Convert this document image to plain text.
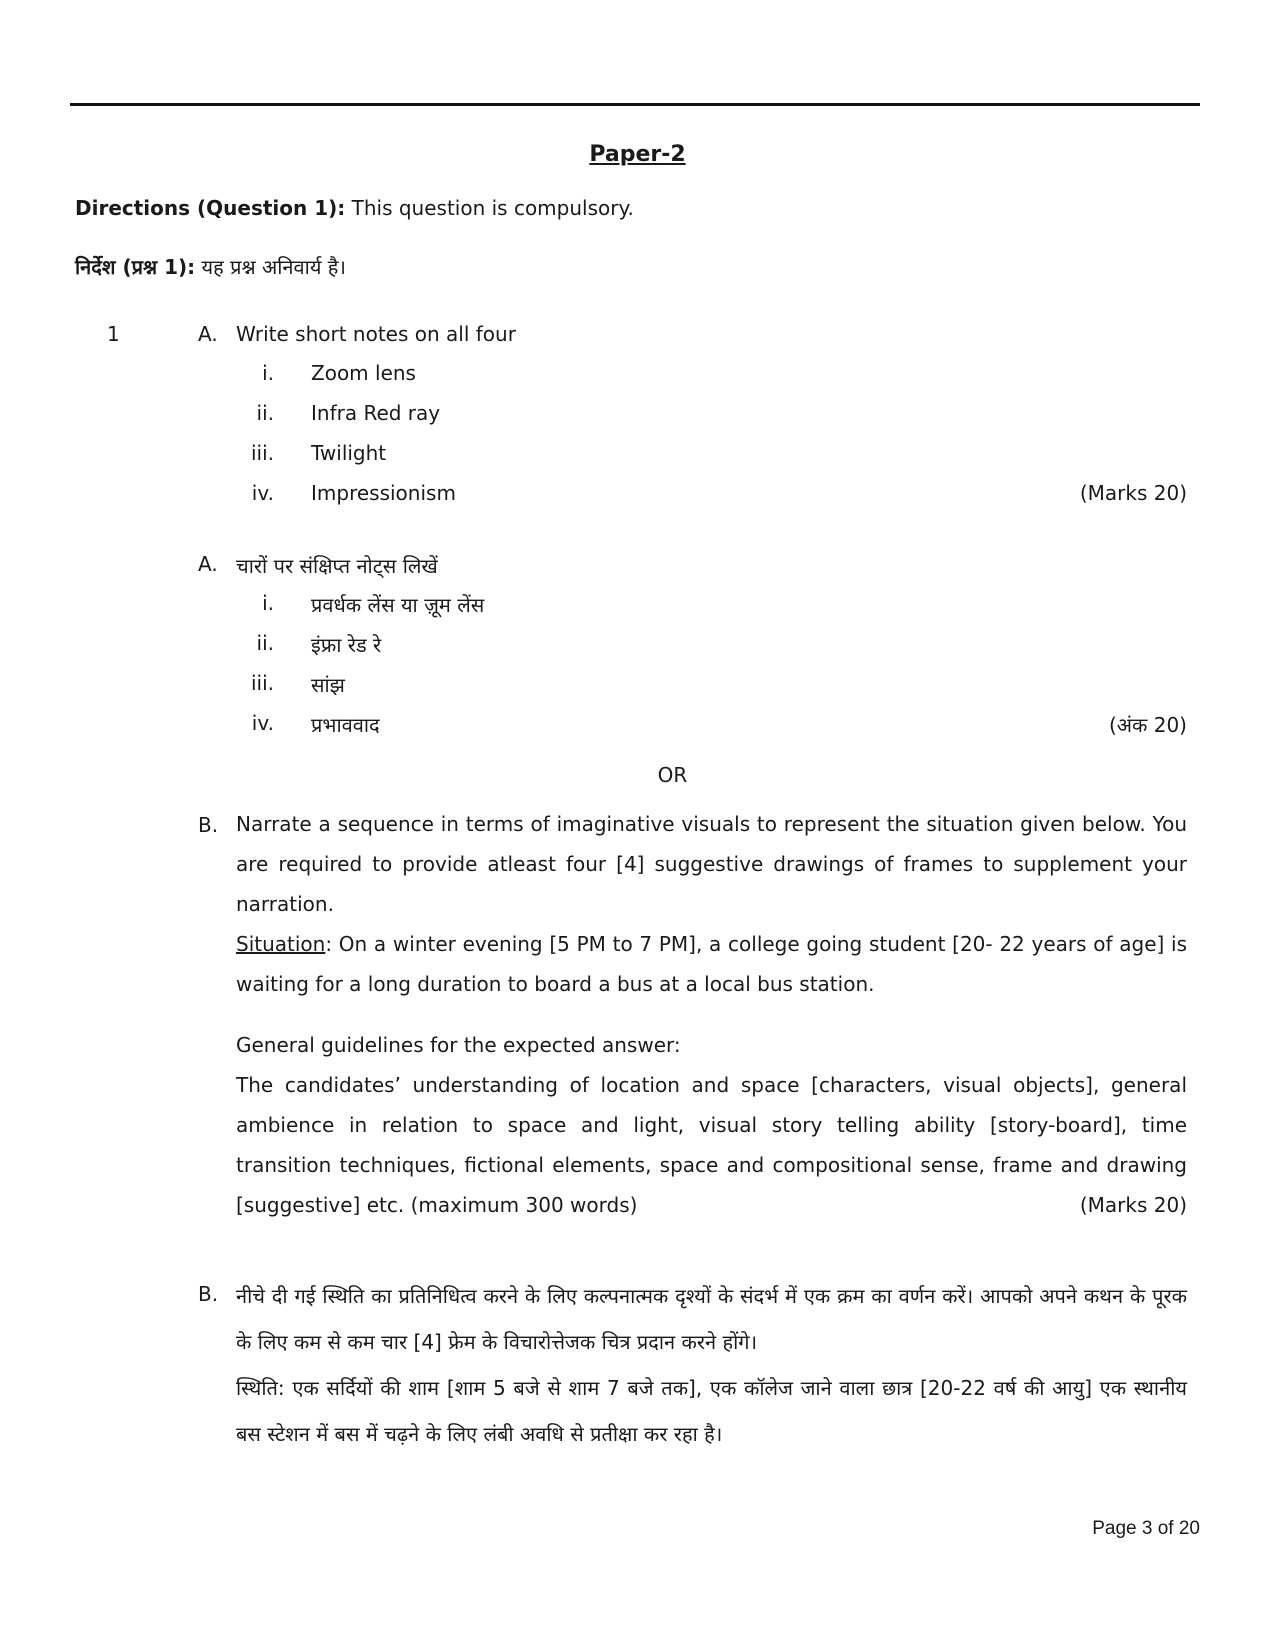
Paper-2
Directions (Question 1): This question is compulsory.
निर्देश (प्रश्न 1): यह प्रश्न अनिवार्य है।
1	A. Write short notes on all four
i. Zoom lens
ii. Infra Red ray
iii. Twilight
iv. Impressionism	(Marks 20)
A. चारों पर संक्षिप्त नोट्स लिखें
i. प्रवर्धक लेंस या ज़ूम लेंस
ii. इंफ्रा रेड रे
iii. सांझ
iv. प्रभाववाद	(अंक 20)
OR
B. Narrate a sequence in terms of imaginative visuals to represent the situation given below. You are required to provide atleast four [4] suggestive drawings of frames to supplement your narration.
Situation: On a winter evening [5 PM to 7 PM], a college going student [20- 22 years of age] is waiting for a long duration to board a bus at a local bus station.
General guidelines for the expected answer:
The candidates’ understanding of location and space [characters, visual objects], general ambience in relation to space and light, visual story telling ability [story-board], time transition techniques, fictional elements, space and compositional sense, frame and drawing [suggestive] etc. (maximum 300 words)	(Marks 20)
B. नीचे दी गई स्थिति का प्रतिनिधित्व करने के लिए कल्पनात्मक दृश्यों के संदर्भ में एक क्रम का वर्णन करें। आपको अपने कथन के पूरक के लिए कम से कम चार [4] फ्रेम के विचारोत्तेजक चित्र प्रदान करने होंगे।
स्थिति: एक सर्दियों की शाम [शाम 5 बजे से शाम 7 बजे तक], एक कॉलेज जाने वाला छात्र [20-22 वर्ष की आयु] एक स्थानीय बस स्टेशन में बस में चढ़ने के लिए लंबी अवधि से प्रतीक्षा कर रहा है।
Page 3 of 20
